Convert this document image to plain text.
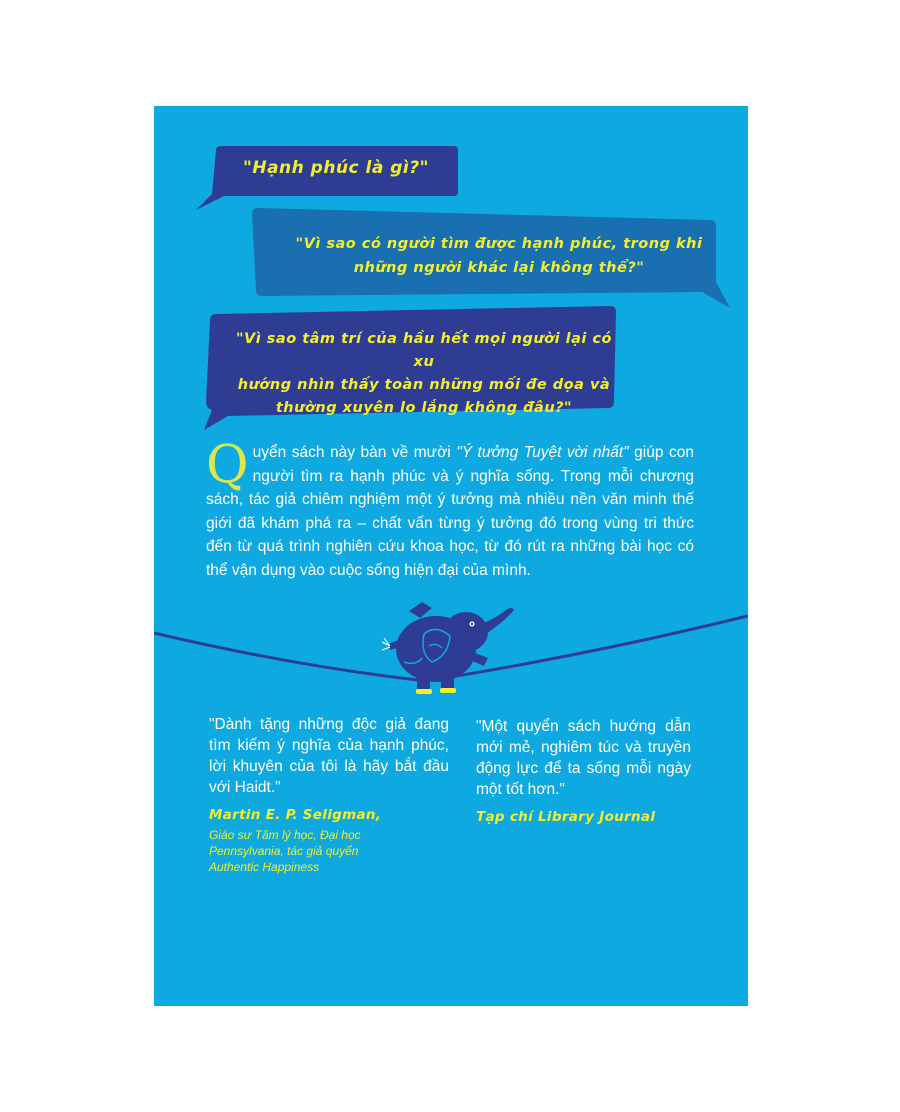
"Hạnh phúc là gì?"
"Vì sao có người tìm được hạnh phúc, trong khi
những người khác lại không thể?"
"Vì sao tâm trí của hầu hết mọi người lại có xu
hướng nhìn thấy toàn những mối đe dọa và
thường xuyên lo lắng không đâu?"
Quyển sách này bàn về mười "Ý tưởng Tuyệt vời nhất" giúp con người tìm ra hạnh phúc và ý nghĩa sống. Trong mỗi chương sách, tác giả chiêm nghiệm một ý tưởng mà nhiều nền văn minh thế giới đã khám phá ra – chất vấn từng ý tưởng đó trong vùng tri thức đến từ quá trình nghiên cứu khoa học, từ đó rút ra những bài học có thể vận dụng vào cuộc sống hiện đại của mình.

"Dành tặng những độc giả đang tìm kiếm ý nghĩa của hạnh phúc, lời khuyên của tôi là hãy bắt đầu với Haidt."

Martin E. P. Seligman,

Giáo sư Tâm lý học, Đại học
Pennsylvania, tác giả quyển
Authentic Happiness

"Một quyển sách hướng dẫn mới mẻ, nghiêm túc và truyền động lực để ta sống mỗi ngày một tốt hơn."

Tạp chí Library Journal
